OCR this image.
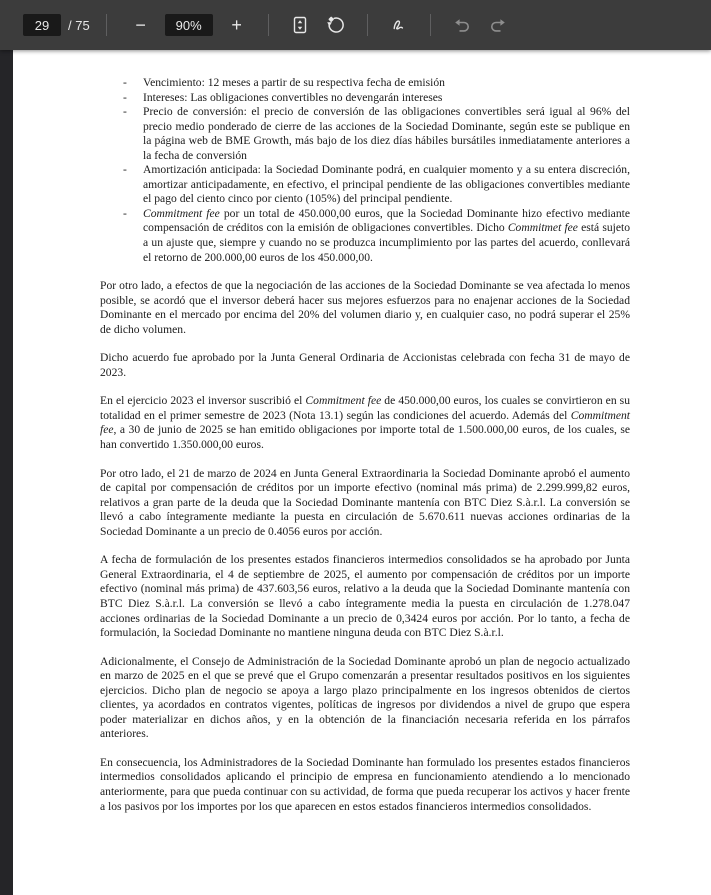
29
/ 75	− 90% +
- Vencimiento: 12 meses a partir de su respectiva fecha de emisión
- Intereses: Las obligaciones convertibles no devengarán intereses
- Precio de conversión: el precio de conversión de las obligaciones convertibles será igual al 96% del precio medio ponderado de cierre de las acciones de la Sociedad Dominante, según este se publique en la página web de BME Growth, más bajo de los diez días hábiles bursátiles inmediatamente anteriores a la fecha de conversión
- Amortización anticipada: la Sociedad Dominante podrá, en cualquier momento y a su entera discreción, amortizar anticipadamente, en efectivo, el principal pendiente de las obligaciones convertibles mediante el pago del ciento cinco por ciento (105%) del principal pendiente.
- Commitment fee por un total de 450.000,00 euros, que la Sociedad Dominante hizo efectivo mediante compensación de créditos con la emisión de obligaciones convertibles. Dicho Commitmet fee está sujeto a un ajuste que, siempre y cuando no se produzca incumplimiento por las partes del acuerdo, conllevará el retorno de 200.000,00 euros de los 450.000,00.
Por otro lado, a efectos de que la negociación de las acciones de la Sociedad Dominante se vea afectada lo menos posible, se acordó que el inversor deberá hacer sus mejores esfuerzos para no enajenar acciones de la Sociedad Dominante en el mercado por encima del 20% del volumen diario y, en cualquier caso, no podrá superar el 25% de dicho volumen.
Dicho acuerdo fue aprobado por la Junta General Ordinaria de Accionistas celebrada con fecha 31 de mayo de 2023.
En el ejercicio 2023 el inversor suscribió el Commitment fee de 450.000,00 euros, los cuales se convirtieron en su totalidad en el primer semestre de 2023 (Nota 13.1) según las condiciones del acuerdo. Además del Commitment fee, a 30 de junio de 2025 se han emitido obligaciones por importe total de 1.500.000,00 euros, de los cuales, se han convertido 1.350.000,00 euros.
Por otro lado, el 21 de marzo de 2024 en Junta General Extraordinaria la Sociedad Dominante aprobó el aumento de capital por compensación de créditos por un importe efectivo (nominal más prima) de 2.299.999,82 euros, relativos a gran parte de la deuda que la Sociedad Dominante mantenía con BTC Diez S.à.r.l. La conversión se llevó a cabo íntegramente mediante la puesta en circulación de 5.670.611 nuevas acciones ordinarias de la Sociedad Dominante a un precio de 0.4056 euros por acción.
A fecha de formulación de los presentes estados financieros intermedios consolidados se ha aprobado por Junta General Extraordinaria, el 4 de septiembre de 2025, el aumento por compensación de créditos por un importe efectivo (nominal más prima) de 437.603,56 euros, relativo a la deuda que la Sociedad Dominante mantenía con BTC Diez S.à.r.l. La conversión se llevó a cabo íntegramente media la puesta en circulación de 1.278.047 acciones ordinarias de la Sociedad Dominante a un precio de 0,3424 euros por acción. Por lo tanto, a fecha de formulación, la Sociedad Dominante no mantiene ninguna deuda con BTC Diez S.à.r.l.
Adicionalmente, el Consejo de Administración de la Sociedad Dominante aprobó un plan de negocio actualizado en marzo de 2025 en el que se prevé que el Grupo comenzarán a presentar resultados positivos en los siguientes ejercicios. Dicho plan de negocio se apoya a largo plazo principalmente en los ingresos obtenidos de ciertos clientes, ya acordados en contratos vigentes, políticas de ingresos por dividendos a nivel de grupo que espera poder materializar en dichos años, y en la obtención de la financiación necesaria referida en los párrafos anteriores.
En consecuencia, los Administradores de la Sociedad Dominante han formulado los presentes estados financieros intermedios consolidados aplicando el principio de empresa en funcionamiento atendiendo a lo mencionado anteriormente, para que pueda continuar con su actividad, de forma que pueda recuperar los activos y hacer frente a los pasivos por los importes por los que aparecen en estos estados financieros intermedios consolidados.
